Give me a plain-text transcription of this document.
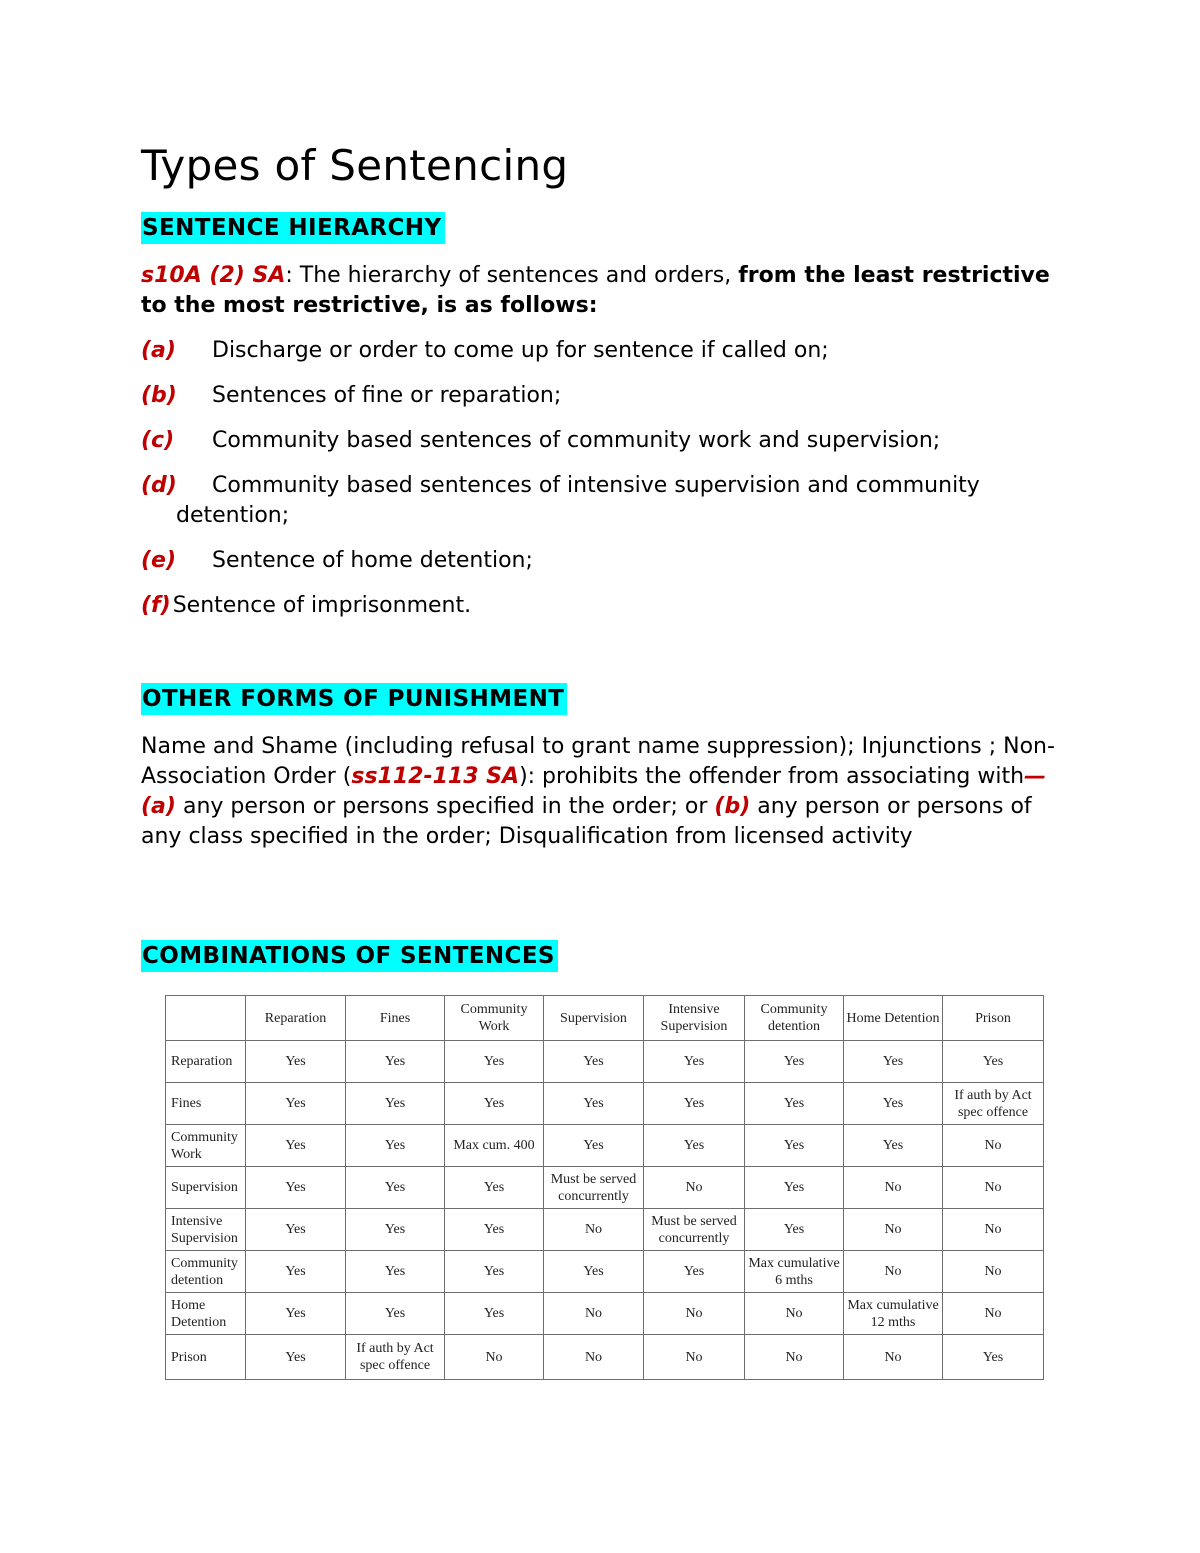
Types of Sentencing
SENTENCE HIERARCHY

s10A (2) SA: The hierarchy of sentences and orders, from the least restrictive to the most restrictive, is as follows:

(a) Discharge or order to come up for sentence if called on;
(b) Sentences of fine or reparation;
(c) Community based sentences of community work and supervision;
(d) Community based sentences of intensive supervision and community
detention;
(e) Sentence of home detention;
(f)Sentence of imprisonment.
OTHER FORMS OF PUNISHMENT

Name and Shame (including refusal to grant name suppression); Injunctions ; Non-Association Order (ss112-113 SA): prohibits the offender from associating with—(a) any person or persons specified in the order; or (b) any person or persons of any class specified in the order; Disqualification from licensed activity

COMBINATIONS OF SENTENCES
	Reparation	Fines	Community Work	Supervision	Intensive Supervision	Community detention	Home Detention	Prison
Reparation	Yes	Yes	Yes	Yes	Yes	Yes	Yes	Yes
Fines	Yes	Yes	Yes	Yes	Yes	Yes	Yes	If auth by Act spec offence
Community Work	Yes	Yes	Max cum. 400	Yes	Yes	Yes	Yes	No
Supervision	Yes	Yes	Yes	Must be served concurrently	No	Yes	No	No
Intensive Supervision	Yes	Yes	Yes	No	Must be served concurrently	Yes	No	No
Community detention	Yes	Yes	Yes	Yes	Yes	Max cumulative 6 mths	No	No
Home Detention	Yes	Yes	Yes	No	No	No	Max cumulative 12 mths	No
Prison	Yes	If auth by Act spec offence	No	No	No	No	No	Yes
